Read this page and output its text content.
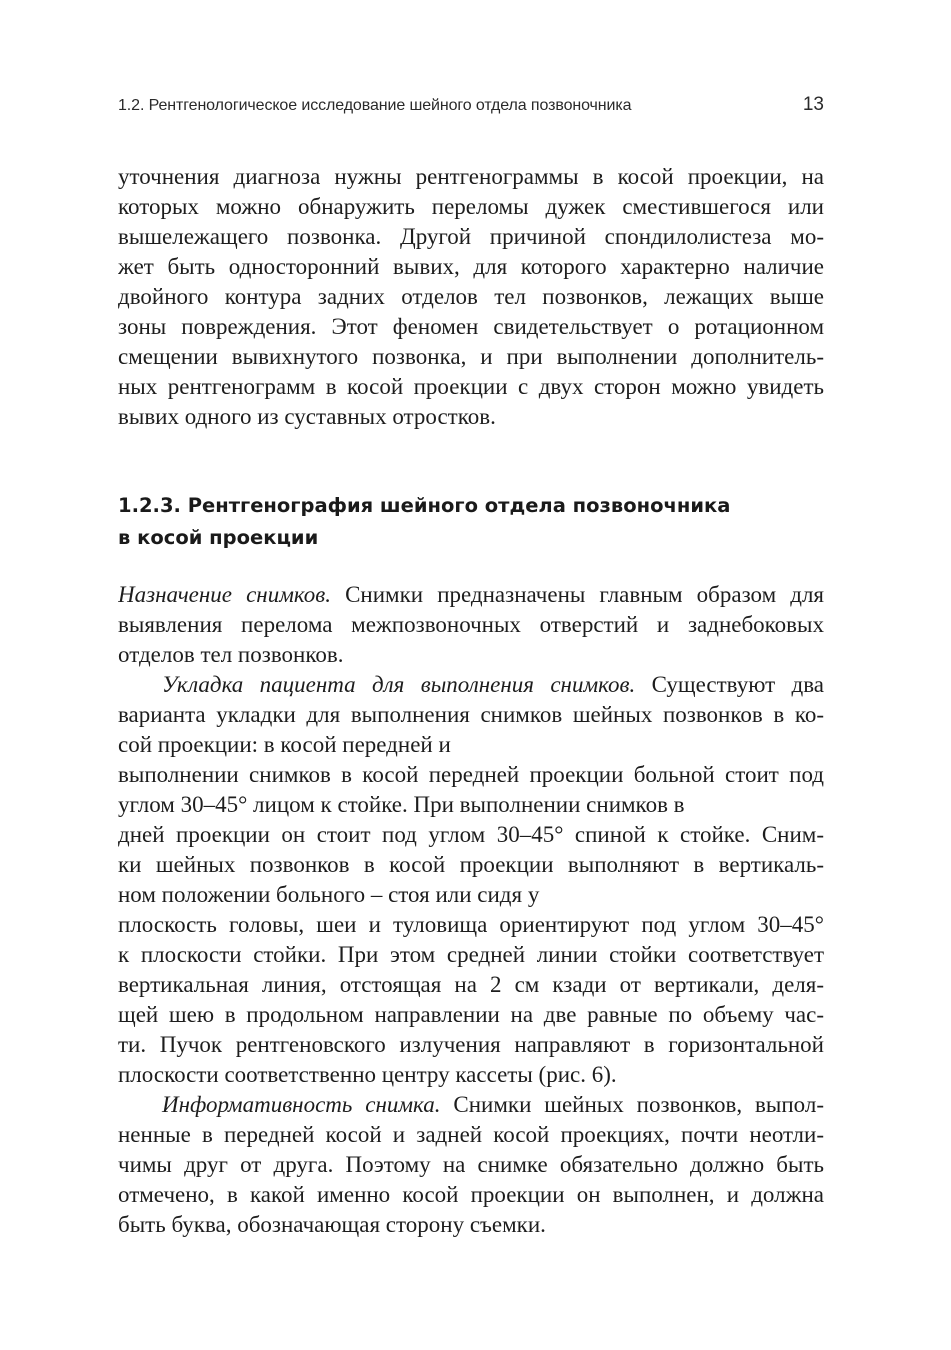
1.2. Рентгенологическое исследование шейного отдела позвоночника	13
уточнения диагноза нужны рентгенограммы в косой проекции, на
которых можно обнаружить переломы дужек сместившегося или
вышележащего позвонка. Другой причиной спондилолистеза мо-
жет быть односторонний вывих, для которого характерно наличие
двойного контура задних отделов тел позвонков, лежащих выше
зоны повреждения. Этот феномен свидетельствует о ротационном
смещении вывихнутого позвонка, и при выполнении дополнитель-
ных рентгенограмм в косой проекции с двух сторон можно увидеть
вывих одного из суставных отростков.
1.2.3. Рентгенография шейного отдела позвоночника
в косой проекции
Назначение снимков. Снимки предназначены главным образом для
выявления перелома межпозвоночных отверстий и заднебоковых
отделов тел позвонков.
Укладка пациента для выполнения снимков. Существуют два
варианта укладки для выполнения снимков шейных позвонков в ко-
сой проекции: в косой передней и
выполнении снимков в косой передней проекции больной стоит под
углом 30–45° лицом к стойке. При выполнении снимков в
дней проекции он стоит под углом 30–45° спиной к стойке. Сним-
ки шейных позвонков в косой проекции выполняют в вертикаль-
ном положении больного – стоя или сидя у
плоскость головы, шеи и туловища ориентируют под углом 30–45°
к плоскости стойки. При этом средней линии стойки соответствует
вертикальная линия, отстоящая на 2 см кзади от вертикали, деля-
щей шею в продольном направлении на две равные по объему час-
ти. Пучок рентгеновского излучения направляют в горизонтальной
плоскости соответственно центру кассеты (рис. 6).
Информативность снимка. Снимки шейных позвонков, выпол-
ненные в передней косой и задней косой проекциях, почти неотли-
чимы друг от друга. Поэтому на снимке обязательно должно быть
отмечено, в какой именно косой проекции он выполнен, и должна
быть буква, обозначающая сторону съемки.
